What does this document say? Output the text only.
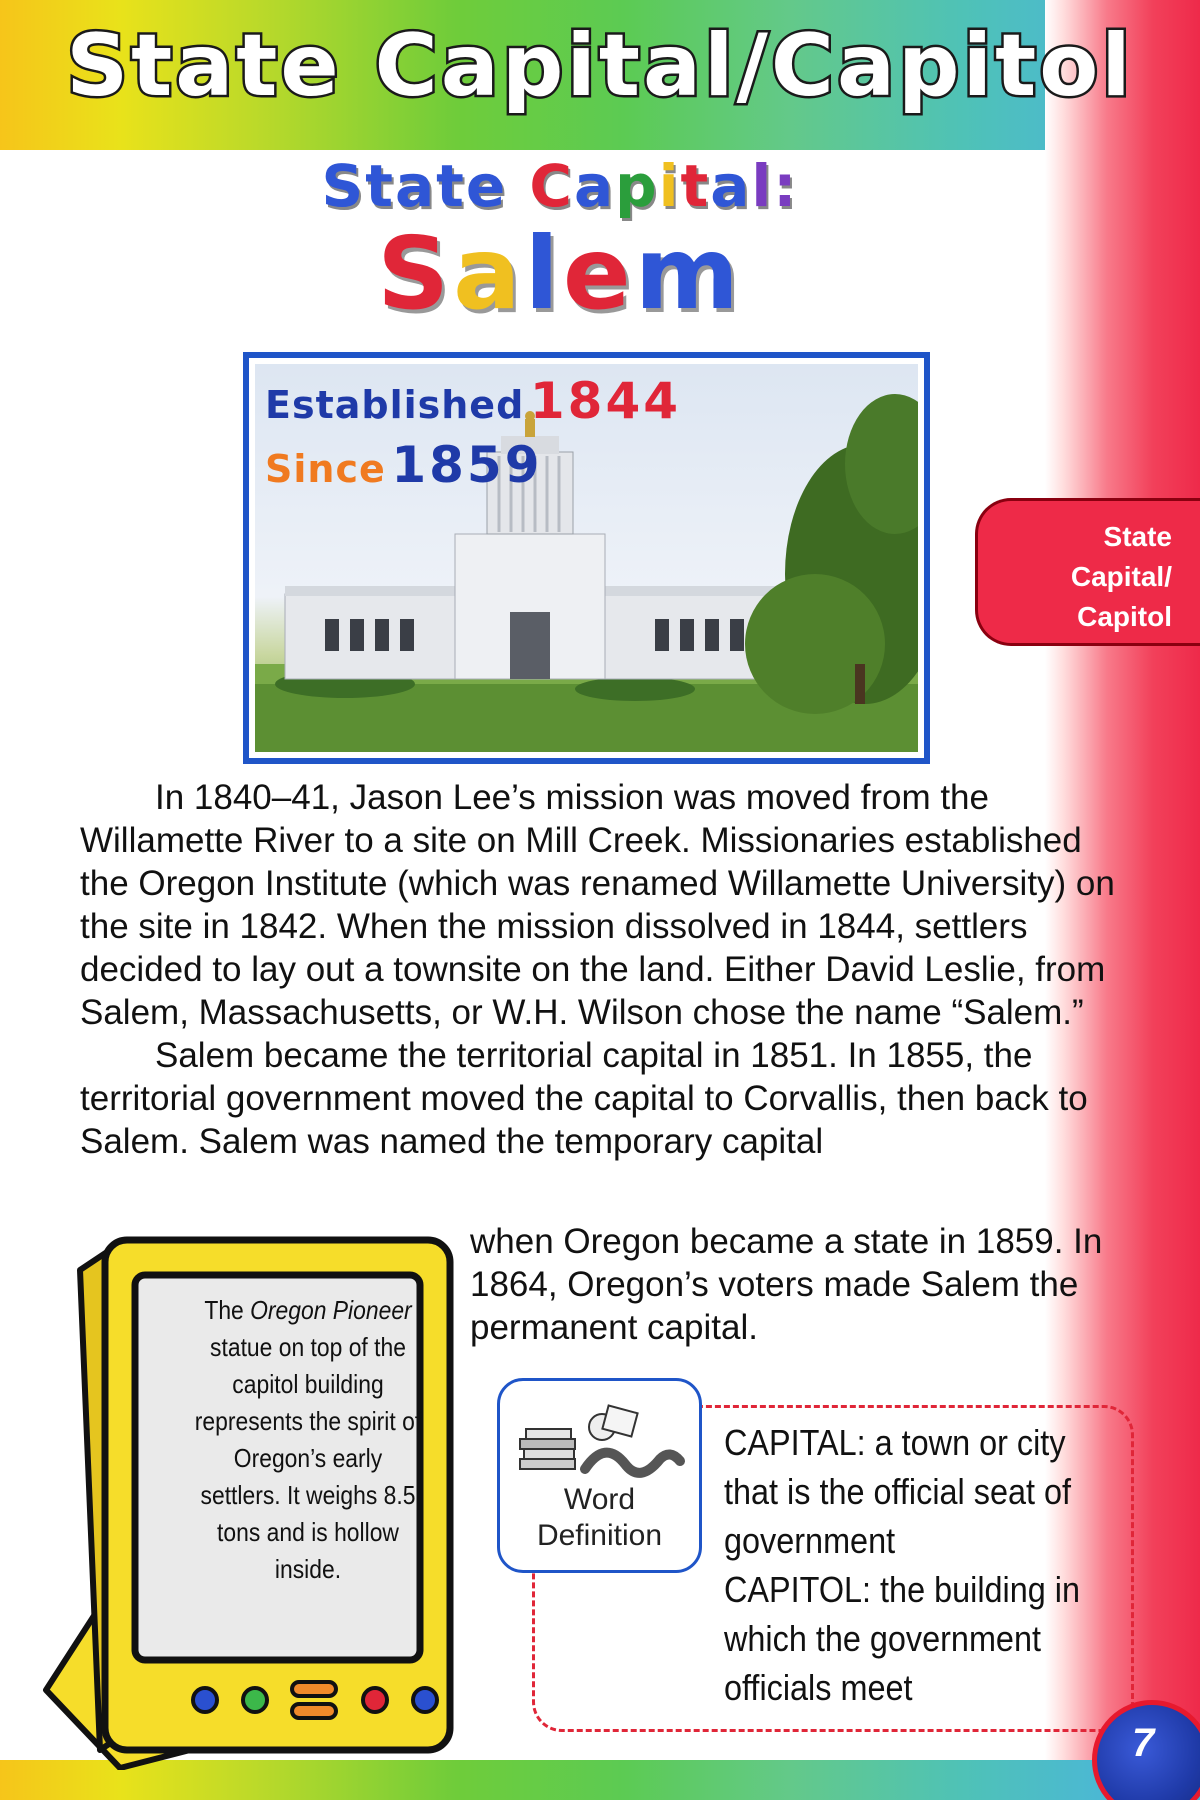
State Capital/Capitol
State Capital:
Salem
Established 1844
Since 1859
State
Capital/
Capitol

In 1840–41, Jason Lee’s mission was moved from the Willamette River to a site on Mill Creek. Missionaries established the Oregon Institute (which was renamed Willamette University) on the site in 1842. When the mission dissolved in 1844, settlers decided to lay out a townsite on the land. Either David Leslie, from Salem, Massachusetts, or W.H. Wilson chose the name “Salem.”

Salem became the territorial capital in 1851. In 1855, the territorial government moved the capital to Corvallis, then back to Salem. Salem was named the temporary capital

when Oregon became a state in 1859. In 1864, Oregon’s voters made Salem the permanent capital.
The Oregon Pioneer statue on top of the capitol building represents the spirit of Oregon’s early settlers. It weighs 8.5 tons and is hollow inside.
Word
Definition
CAPITAL: a town or city that is the official seat of government
CAPITOL: the building in which the government officials meet
7
